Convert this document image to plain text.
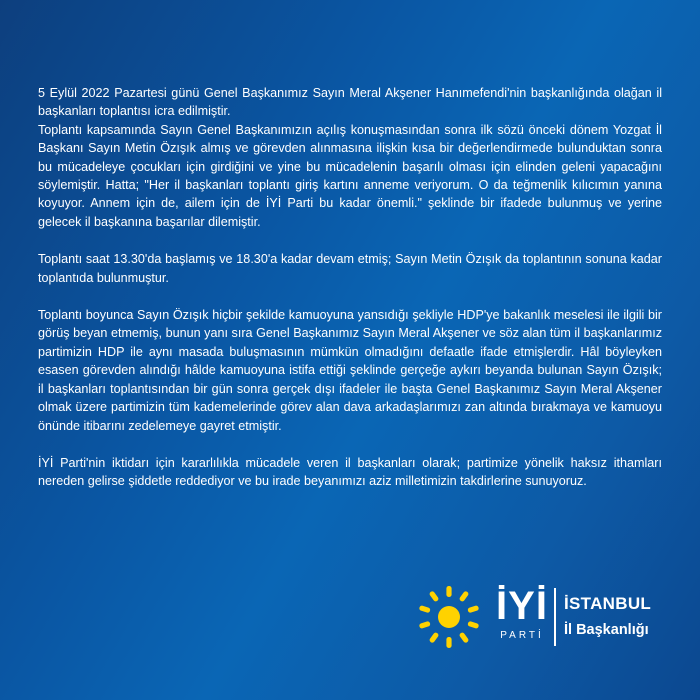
5 Eylül 2022 Pazartesi günü Genel Başkanımız Sayın Meral Akşener Hanımefendi'nin başkanlığında olağan il başkanları toplantısı icra edilmiştir.

Toplantı kapsamında Sayın Genel Başkanımızın açılış konuşmasından sonra ilk sözü önceki dönem Yozgat İl Başkanı Sayın Metin Özışık almış ve görevden alınmasına ilişkin kısa bir değerlendirmede bulunduktan sonra bu mücadeleye çocukları için girdiğini ve yine bu mücadelenin başarılı olması için elinden geleni yapacağını söylemiştir. Hatta; "Her il başkanları toplantı giriş kartını anneme veriyorum. O da teğmenlik kılıcımın yanına koyuyor. Annem için de, ailem için de İYİ Parti bu kadar önemli." şeklinde bir ifadede bulunmuş ve yerine gelecek il başkanına başarılar dilemiştir.

Toplantı saat 13.30'da başlamış ve 18.30'a kadar devam etmiş; Sayın Metin Özışık da toplantının sonuna kadar toplantıda bulunmuştur.

Toplantı boyunca Sayın Özışık hiçbir şekilde kamuoyuna yansıdığı şekliyle HDP'ye bakanlık meselesi ile ilgili bir görüş beyan etmemiş, bunun yanı sıra Genel Başkanımız Sayın Meral Akşener ve söz alan tüm il başkanlarımız partimizin HDP ile aynı masada buluşmasının mümkün olmadığını defaatle ifade etmişlerdir. Hâl böyleyken esasen görevden alındığı hâlde kamuoyuna istifa ettiği şeklinde gerçeğe aykırı beyanda bulunan Sayın Özışık; il başkanları toplantısından bir gün sonra gerçek dışı ifadeler ile başta Genel Başkanımız Sayın Meral Akşener olmak üzere partimizin tüm kademelerinde görev alan dava arkadaşlarımızı zan altında bırakmaya ve kamuoyu önünde itibarını zedelemeye gayret etmiştir.

İYİ Parti'nin iktidarı için kararlılıkla mücadele veren il başkanları olarak; partimize yönelik haksız ithamları nereden gelirse şiddetle reddediyor ve bu irade beyanımızı aziz milletimizin takdirlerine sunuyoruz.

İYİ
PARTİ
İSTANBUL
İl Başkanlığı
